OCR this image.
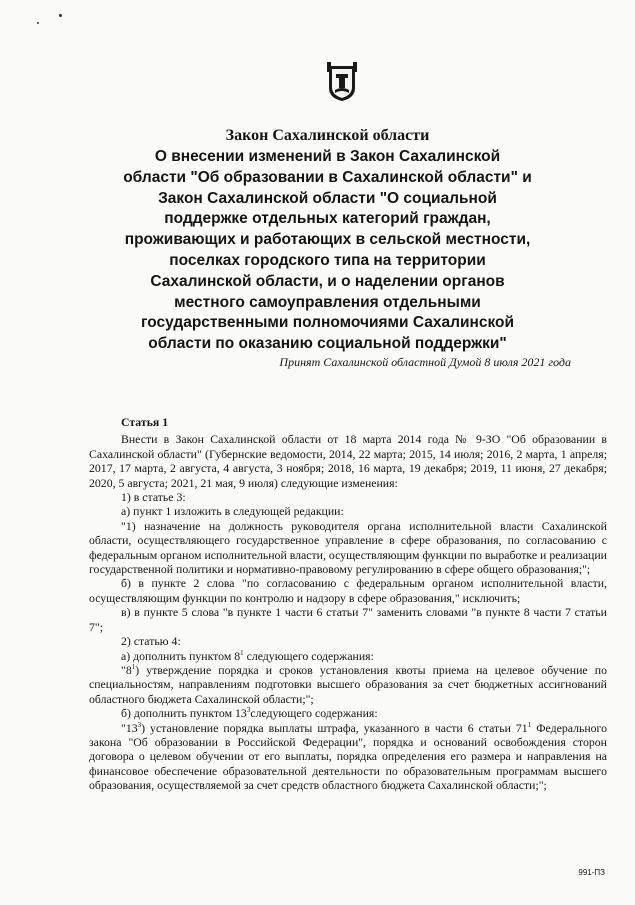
Закон Сахалинской области
О внесении изменений в Закон Сахалинской
области "Об образовании в Сахалинской области" и
Закон Сахалинской области "О социальной
поддержке отдельных категорий граждан,
проживающих и работающих в сельской местности,
поселках городского типа на территории
Сахалинской области, и о наделении органов
местного самоуправления отдельными
государственными полномочиями Сахалинской
области по оказанию социальной поддержки"
Принят Сахалинской областной Думой 8 июля 2021 года

Статья 1

Внести в Закон Сахалинской области от 18 марта 2014 года № 9-ЗО "Об образовании в Сахалинской области" (Губернские ведомости, 2014, 22 марта; 2015, 14 июля; 2016, 2 марта, 1 апреля; 2017, 17 марта, 2 августа, 4 августа, 3 ноября; 2018, 16 марта, 19 декабря; 2019, 11 июня, 27 декабря; 2020, 5 августа; 2021, 21 мая, 9 июля) следующие изменения:

1) в статье 3:

а) пункт 1 изложить в следующей редакции:

"1) назначение на должность руководителя органа исполнительной власти Сахалинской области, осуществляющего государственное управление в сфере образования, по согласованию с федеральным органом исполнительной власти, осуществляющим функции по выработке и реализации государственной политики и нормативно-правовому регулированию в сфере общего образования;";

б) в пункте 2 слова "по согласованию с федеральным органом исполнительной власти, осуществляющим функции по контролю и надзору в сфере образования," исключить;

в) в пункте 5 слова "в пункте 1 части 6 статьи 7" заменить словами "в пункте 8 части 7 статьи 7";

2) статью 4:

а) дополнить пунктом $8^1$ следующего содержания:

"$8^1$) утверждение порядка и сроков установления квоты приема на целевое обучение по специальностям, направлениям подготовки высшего образования за счет бюджетных ассигнований областного бюджета Сахалинской области;";

б) дополнить пунктом $13^3следующего$ содержания:

"$13^3$) установление порядка выплаты штрафа, указанного в части 6 статьи $71^1$ Федерального закона "Об образовании в Российской Федерации", порядка и оснований освобождения сторон договора о целевом обучении от его выплаты, порядка определения его размера и направления на финансовое обеспечение образовательной деятельности по образовательным программам высшего образования, осуществляемой за счет средств областного бюджета Сахалинской области;";

991-ПЗ
